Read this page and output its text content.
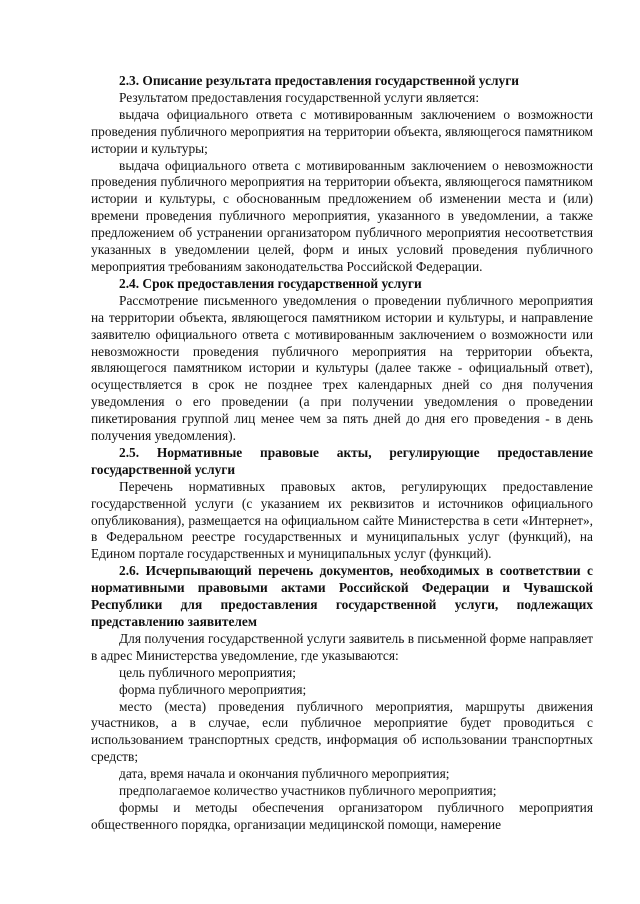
2.3. Описание результата предоставления государственной услуги

Результатом предоставления государственной услуги является:

выдача официального ответа с мотивированным заключением о возможности проведения публичного мероприятия на территории объекта, являющегося памятником истории и культуры;

выдача официального ответа с мотивированным заключением о невозможности проведения публичного мероприятия на территории объекта, являющегося памятником истории и культуры, с обоснованным предложением об изменении места и (или) времени проведения публичного мероприятия, указанного в уведомлении, а также предложением об устранении организатором публичного мероприятия несоответствия указанных в уведомлении целей, форм и иных условий проведения публичного мероприятия требованиям законодательства Российской Федерации.

2.4. Срок предоставления государственной услуги

Рассмотрение письменного уведомления о проведении публичного мероприятия на территории объекта, являющегося памятником истории и культуры, и направление заявителю официального ответа с мотивированным заключением о возможности или невозможности проведения публичного мероприятия на территории объекта, являющегося памятником истории и культуры (далее также - официальный ответ), осуществляется в срок не позднее трех календарных дней со дня получения уведомления о его проведении (а при получении уведомления о проведении пикетирования группой лиц менее чем за пять дней до дня его проведения - в день получения уведомления).

2.5. Нормативные правовые акты, регулирующие предоставление государственной услуги

Перечень нормативных правовых актов, регулирующих предоставление государственной услуги (с указанием их реквизитов и источников официального опубликования), размещается на официальном сайте Министерства в сети «Интернет», в Федеральном реестре государственных и муниципальных услуг (функций), на Едином портале государственных и муниципальных услуг (функций).

2.6. Исчерпывающий перечень документов, необходимых в соответствии с нормативными правовыми актами Российской Федерации и Чувашской Республики для предоставления государственной услуги, подлежащих представлению заявителем

Для получения государственной услуги заявитель в письменной форме направляет в адрес Министерства уведомление, где указываются:

цель публичного мероприятия;

форма публичного мероприятия;

место (места) проведения публичного мероприятия, маршруты движения участников, а в случае, если публичное мероприятие будет проводиться с использованием транспортных средств, информация об использовании транспортных средств;

дата, время начала и окончания публичного мероприятия;

предполагаемое количество участников публичного мероприятия;

формы и методы обеспечения организатором публичного мероприятия общественного порядка, организации медицинской помощи, намерение
